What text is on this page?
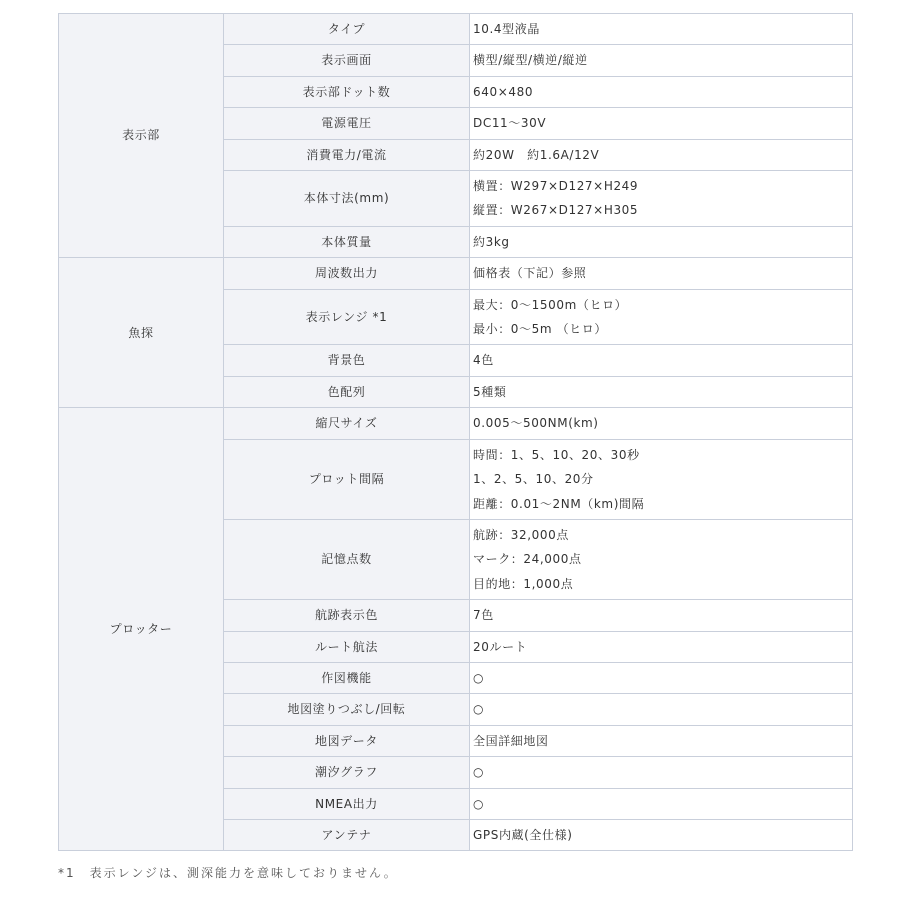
表示部	タイプ	10.4型液晶

	表示画面	横型/縦型/横逆/縦逆

	表示部ドット数	640×480

	電源電圧	DC11～30V

	消費電力/電流	約20W　約1.6A/12V

	本体寸法(mm)	横置：W297×D127×H249
縦置：W267×D127×H305

	本体質量	約3kg

魚探	周波数出力	価格表（下記）参照

	表示レンジ *1	最大：0～1500m（ヒロ）
最小：0～5m （ヒロ）

	背景色	4色

	色配列	5種類

プロッター	縮尺サイズ	0.005～500NM(km)

	プロット間隔	時間：1、5、10、20、30秒
1、2、5、10、20分
距離：0.01～2NM（km)間隔

	記憶点数	航跡：32,000点
マーク：24,000点
目的地：1,000点

	航跡表示色	7色

	ルート航法	20ルート

	作図機能	○

	地図塗りつぶし/回転	○

	地図データ	全国詳細地図

	潮汐グラフ	○

	NMEA出力	○

	アンテナ	GPS内蔵(全仕様)
*1　表示レンジは、測深能力を意味しておりません。
